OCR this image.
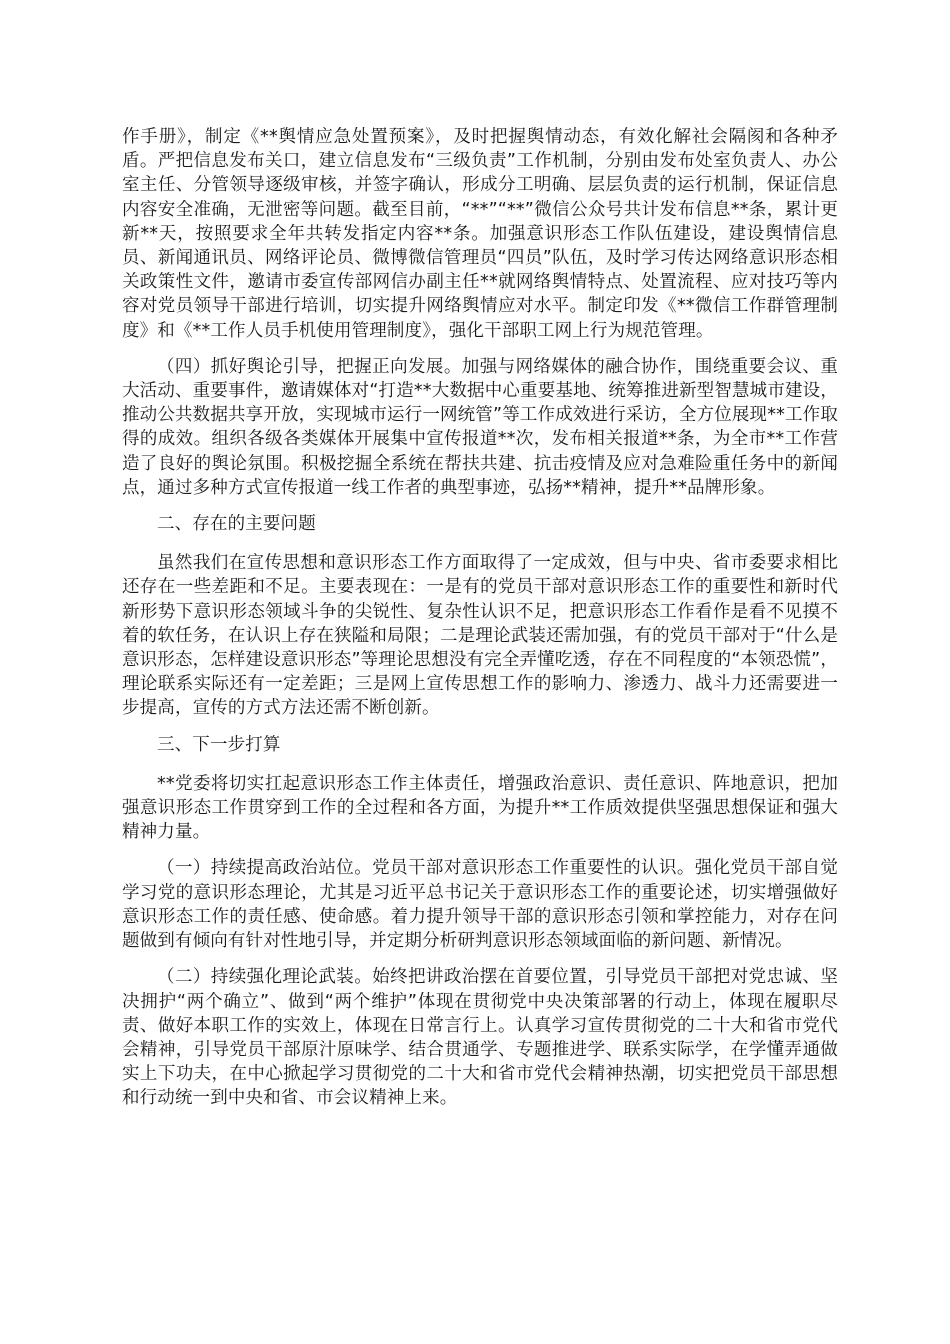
作手册》，制定《**舆情应急处置预案》，及时把握舆情动态，有效化解社会隔阂和各种矛盾。严把信息发布关口，建立信息发布“三级负责”工作机制，分别由发布处室负责人、办公室主任、分管领导逐级审核，并签字确认，形成分工明确、层层负责的运行机制，保证信息内容安全准确，无泄密等问题。截至目前，“**”“**”微信公众号共计发布信息**条，累计更新**天，按照要求全年共转发指定内容**条。加强意识形态工作队伍建设，建设舆情信息员、新闻通讯员、网络评论员、微博微信管理员“四员”队伍，及时学习传达网络意识形态相关政策性文件，邀请市委宣传部网信办副主任**就网络舆情特点、处置流程、应对技巧等内容对党员领导干部进行培训，切实提升网络舆情应对水平。制定印发《**微信工作群管理制度》和《**工作人员手机使用管理制度》，强化干部职工网上行为规范管理。

（四）抓好舆论引导，把握正向发展。加强与网络媒体的融合协作，围绕重要会议、重大活动、重要事件，邀请媒体对“打造**大数据中心重要基地、统筹推进新型智慧城市建设，推动公共数据共享开放，实现城市运行一网统管”等工作成效进行采访，全方位展现**工作取得的成效。组织各级各类媒体开展集中宣传报道**次，发布相关报道**条，为全市**工作营造了良好的舆论氛围。积极挖掘全系统在帮扶共建、抗击疫情及应对急难险重任务中的新闻点，通过多种方式宣传报道一线工作者的典型事迹，弘扬**精神，提升**品牌形象。

二、存在的主要问题

虽然我们在宣传思想和意识形态工作方面取得了一定成效，但与中央、省市委要求相比还存在一些差距和不足。主要表现在：一是有的党员干部对意识形态工作的重要性和新时代新形势下意识形态领域斗争的尖锐性、复杂性认识不足，把意识形态工作看作是看不见摸不着的软任务，在认识上存在狭隘和局限；二是理论武装还需加强，有的党员干部对于“什么是意识形态，怎样建设意识形态”等理论思想没有完全弄懂吃透，存在不同程度的“本领恐慌”，理论联系实际还有一定差距；三是网上宣传思想工作的影响力、渗透力、战斗力还需要进一步提高，宣传的方式方法还需不断创新。

三、下一步打算

**党委将切实扛起意识形态工作主体责任，增强政治意识、责任意识、阵地意识，把加强意识形态工作贯穿到工作的全过程和各方面，为提升**工作质效提供坚强思想保证和强大精神力量。

（一）持续提高政治站位。党员干部对意识形态工作重要性的认识。强化党员干部自觉学习党的意识形态理论，尤其是习近平总书记关于意识形态工作的重要论述，切实增强做好意识形态工作的责任感、使命感。着力提升领导干部的意识形态引领和掌控能力，对存在问题做到有倾向有针对性地引导，并定期分析研判意识形态领域面临的新问题、新情况。

（二）持续强化理论武装。始终把讲政治摆在首要位置，引导党员干部把对党忠诚、坚决拥护“两个确立”、做到“两个维护”体现在贯彻党中央决策部署的行动上，体现在履职尽责、做好本职工作的实效上，体现在日常言行上。认真学习宣传贯彻党的二十大和省市党代会精神，引导党员干部原汁原味学、结合贯通学、专题推进学、联系实际学，在学懂弄通做实上下功夫，在中心掀起学习贯彻党的二十大和省市党代会精神热潮，切实把党员干部思想和行动统一到中央和省、市会议精神上来。
